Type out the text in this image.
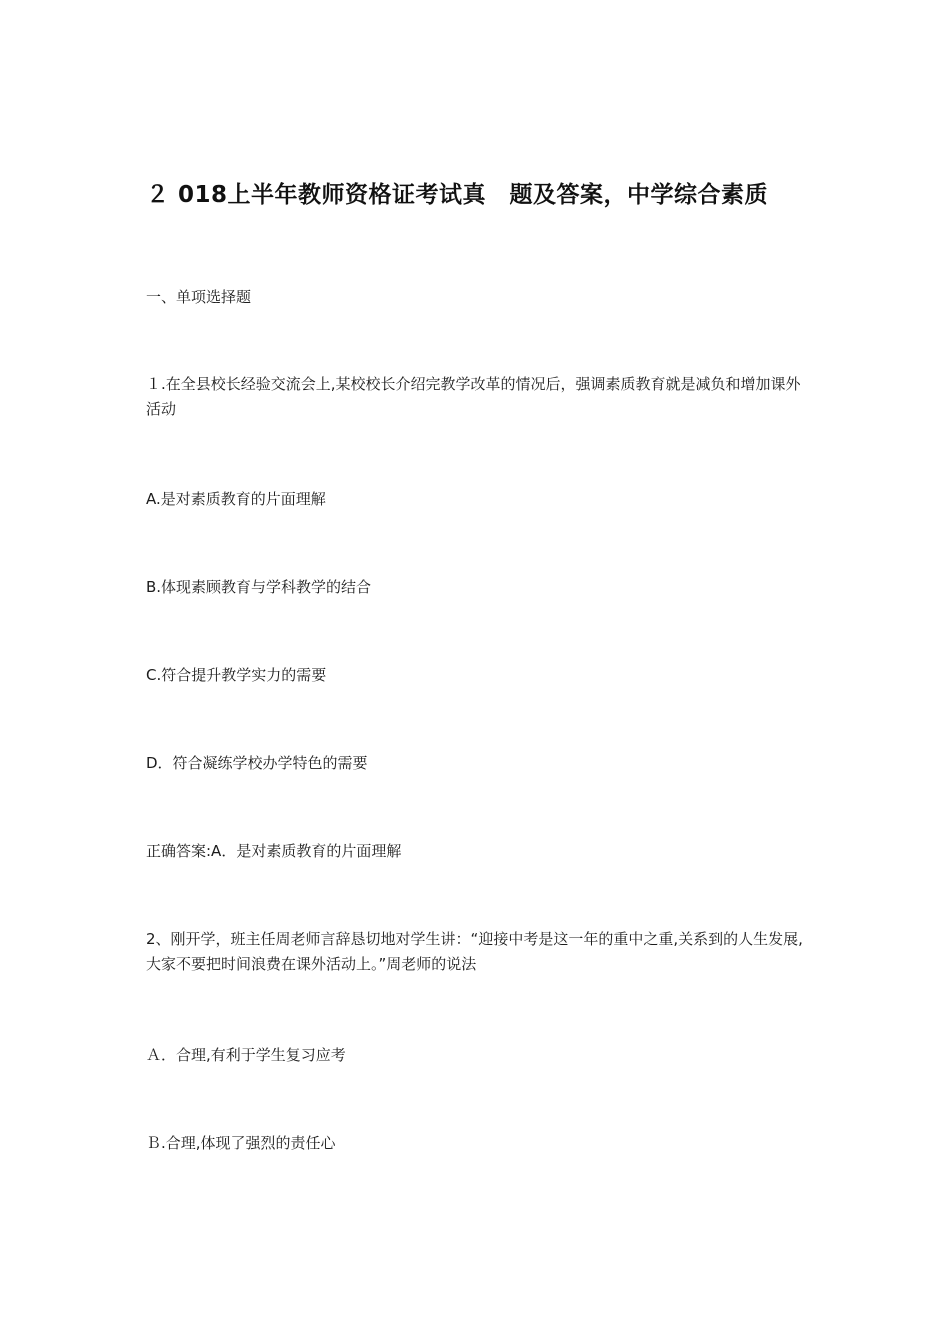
２ 018上半年教师资格证考试真　题及答案，中学综合素质
一、单项选择题
１.在全县校长经验交流会上,某校校长介绍完教学改革的情况后，强调素质教育就是减负和增加课外活动
A.是对素质教育的片面理解
B.体现素顾教育与学科教学的结合
C.符合提升教学实力的需要
D．符合凝练学校办学特色的需要
正确答案:A．是对素质教育的片面理解
2、刚开学，班主任周老师言辞恳切地对学生讲：“迎接中考是这一年的重中之重,关系到的人生发展,大家不要把时间浪费在课外活动上。”周老师的说法
Ａ．合理,有利于学生复习应考
Ｂ.合理,体现了强烈的责任心
